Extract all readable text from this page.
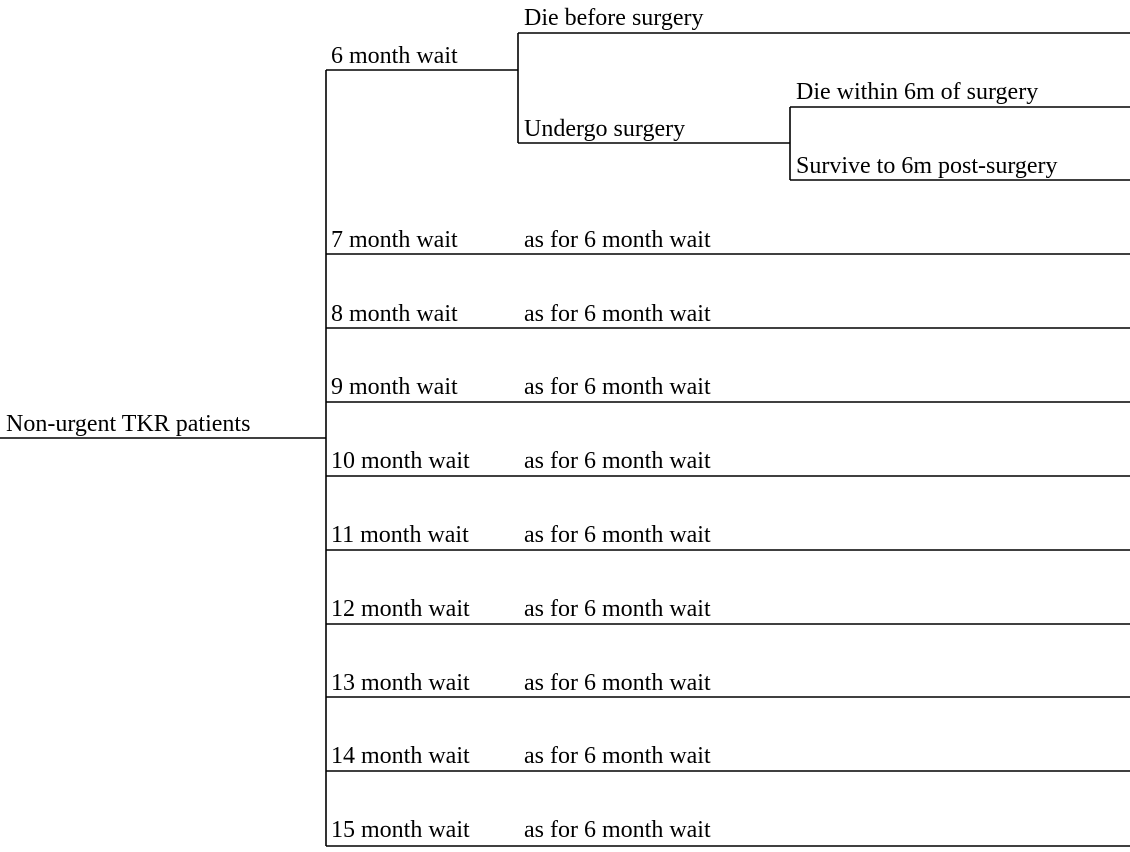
Non-urgent TKR patients
6 month wait
Die before surgery
Undergo surgery
Die within 6m of surgery
Survive to 6m post-surgery
7 month wait	as for 6 month wait
8 month wait	as for 6 month wait
9 month wait	as for 6 month wait
10 month wait as for 6 month wait
11 month wait as for 6 month wait
12 month wait as for 6 month wait
13 month wait as for 6 month wait
14 month wait as for 6 month wait
15 month wait as for 6 month wait
